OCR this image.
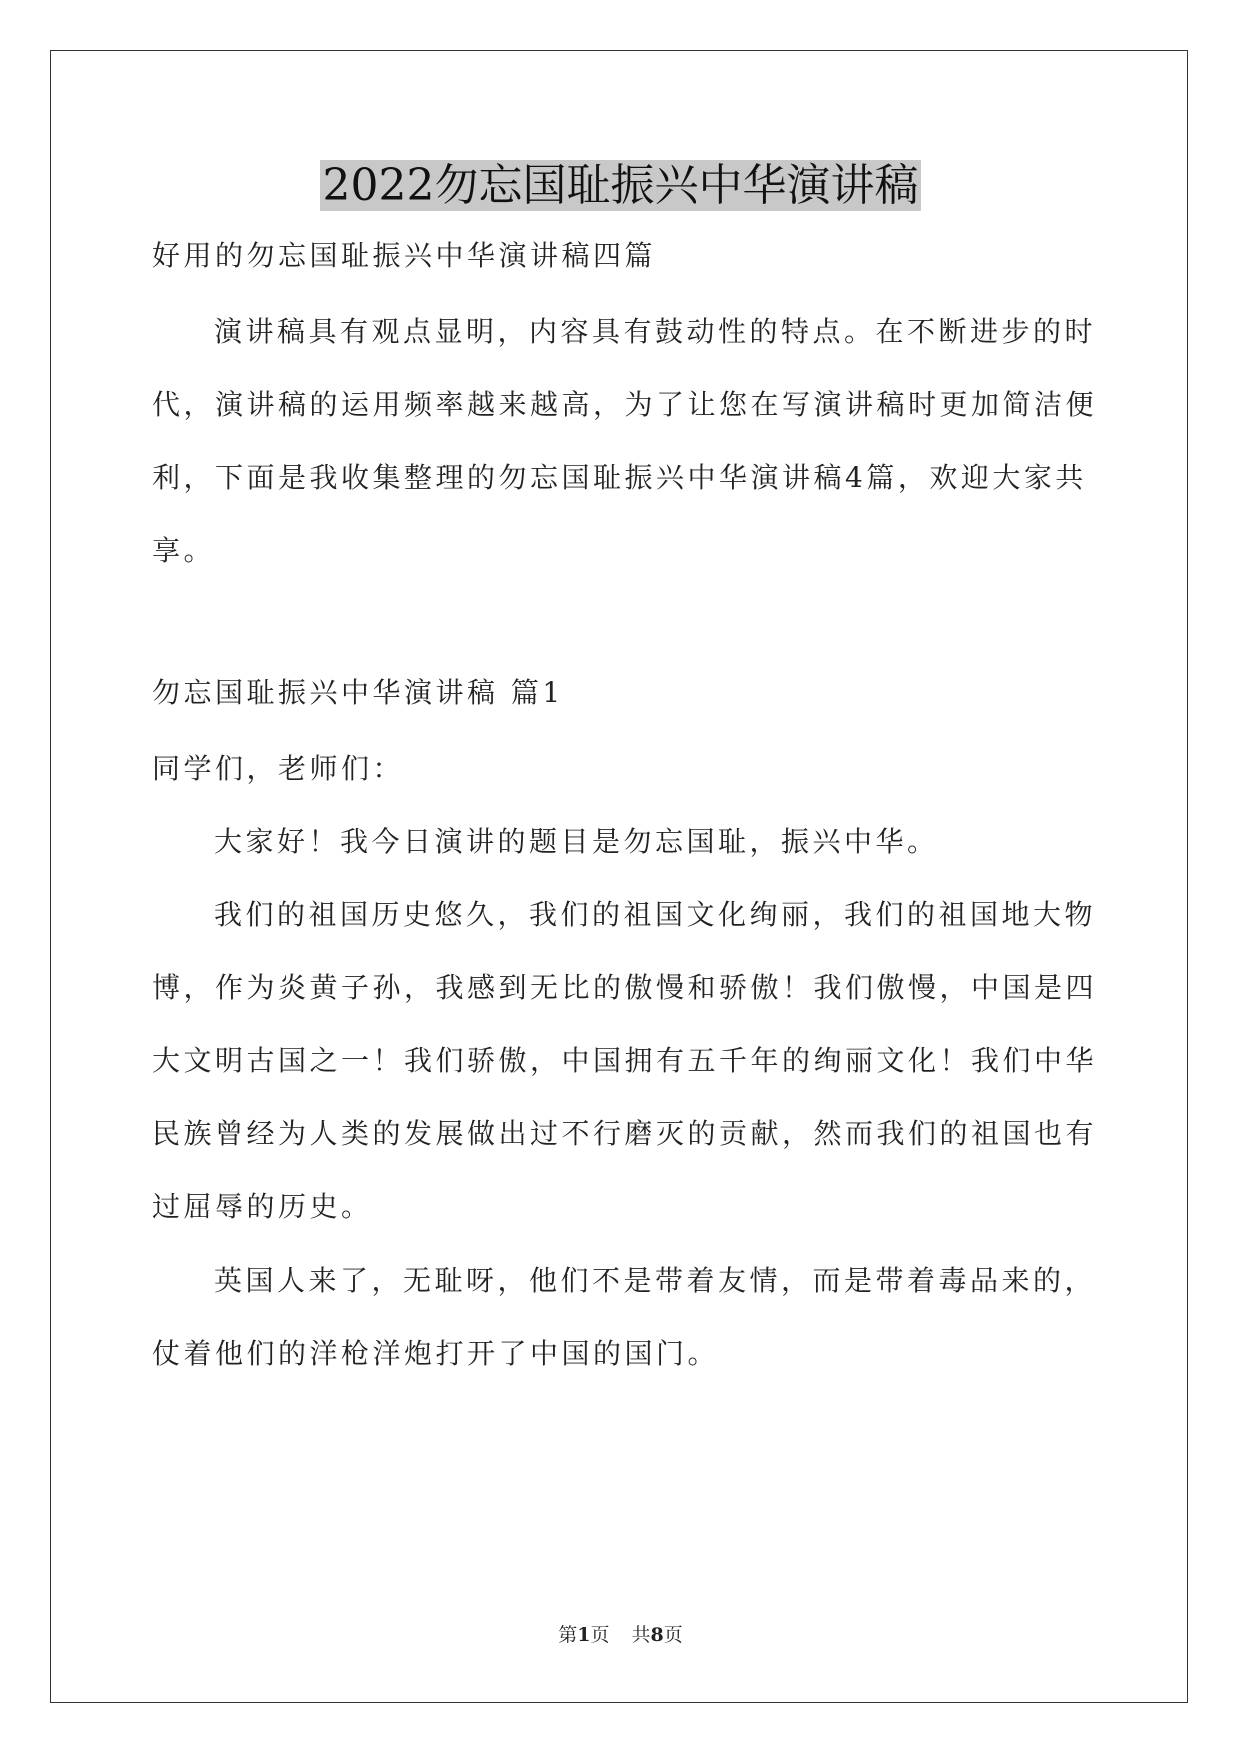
2022勿忘国耻振兴中华演讲稿
好用的勿忘国耻振兴中华演讲稿四篇
演讲稿具有观点显明，内容具有鼓动性的特点。在不断进步的时
代，演讲稿的运用频率越来越高，为了让您在写演讲稿时更加简洁便
利，下面是我收集整理的勿忘国耻振兴中华演讲稿4篇，欢迎大家共
享。
勿忘国耻振兴中华演讲稿 篇1
同学们，老师们：
大家好！我今日演讲的题目是勿忘国耻，振兴中华。
我们的祖国历史悠久，我们的祖国文化绚丽，我们的祖国地大物
博，作为炎黄子孙，我感到无比的傲慢和骄傲！我们傲慢，中国是四
大文明古国之一！我们骄傲，中国拥有五千年的绚丽文化！我们中华
民族曾经为人类的发展做出过不行磨灭的贡献，然而我们的祖国也有
过屈辱的历史。
英国人来了，无耻呀，他们不是带着友情，而是带着毒品来的，
仗着他们的洋枪洋炮打开了中国的国门。
第1页 共8页
